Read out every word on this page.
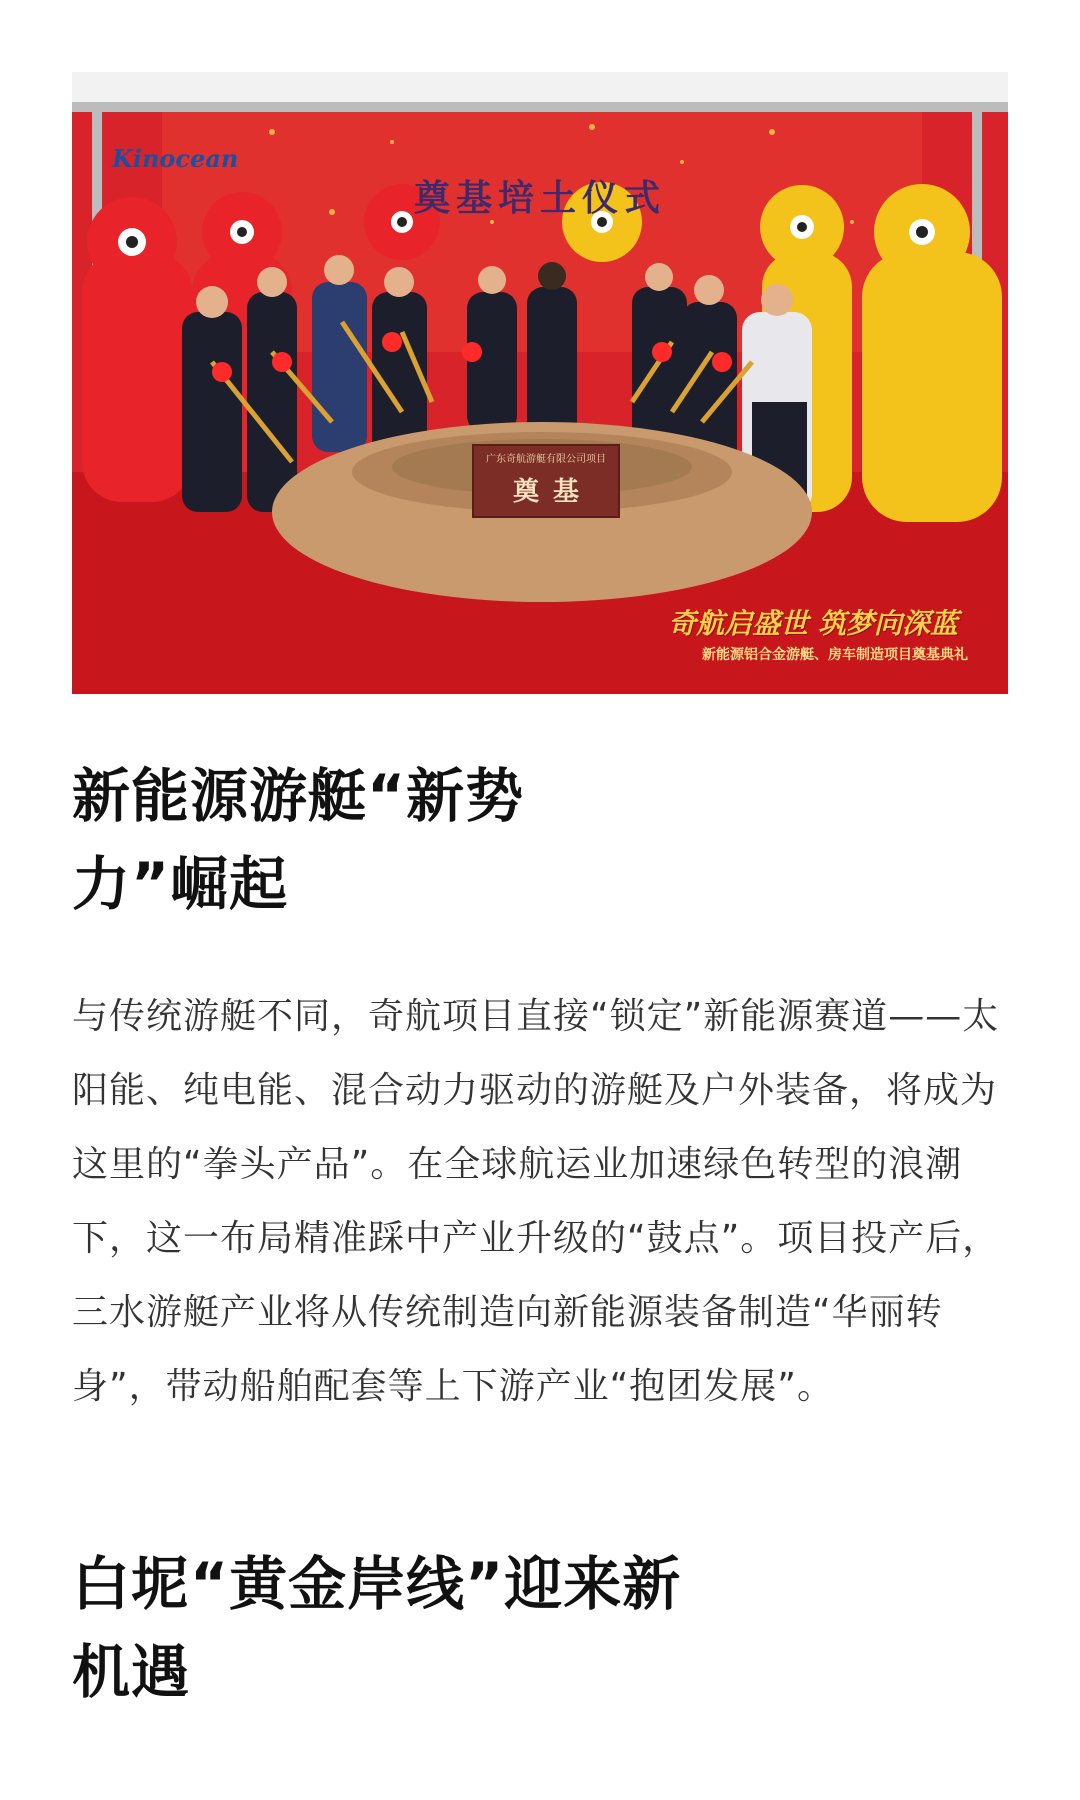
Kinocean
奠基培土仪式
广东奇航游艇有限公司项目
奠基
奇航启盛世 筑梦向深蓝
新能源铝合金游艇、房车制造项目奠基典礼
新能源游艇“新势力”崛起

与传统游艇不同，奇航项目直接“锁定”新能源赛道——太阳能、纯电能、混合动力驱动的游艇及户外装备，将成为这里的“拳头产品”。在全球航运业加速绿色转型的浪潮下，这一布局精准踩中产业升级的“鼓点”。项目投产后，三水游艇产业将从传统制造向新能源装备制造“华丽转身”，带动船舶配套等上下游产业“抱团发展”。

白坭“黄金岸线”迎来新机遇
